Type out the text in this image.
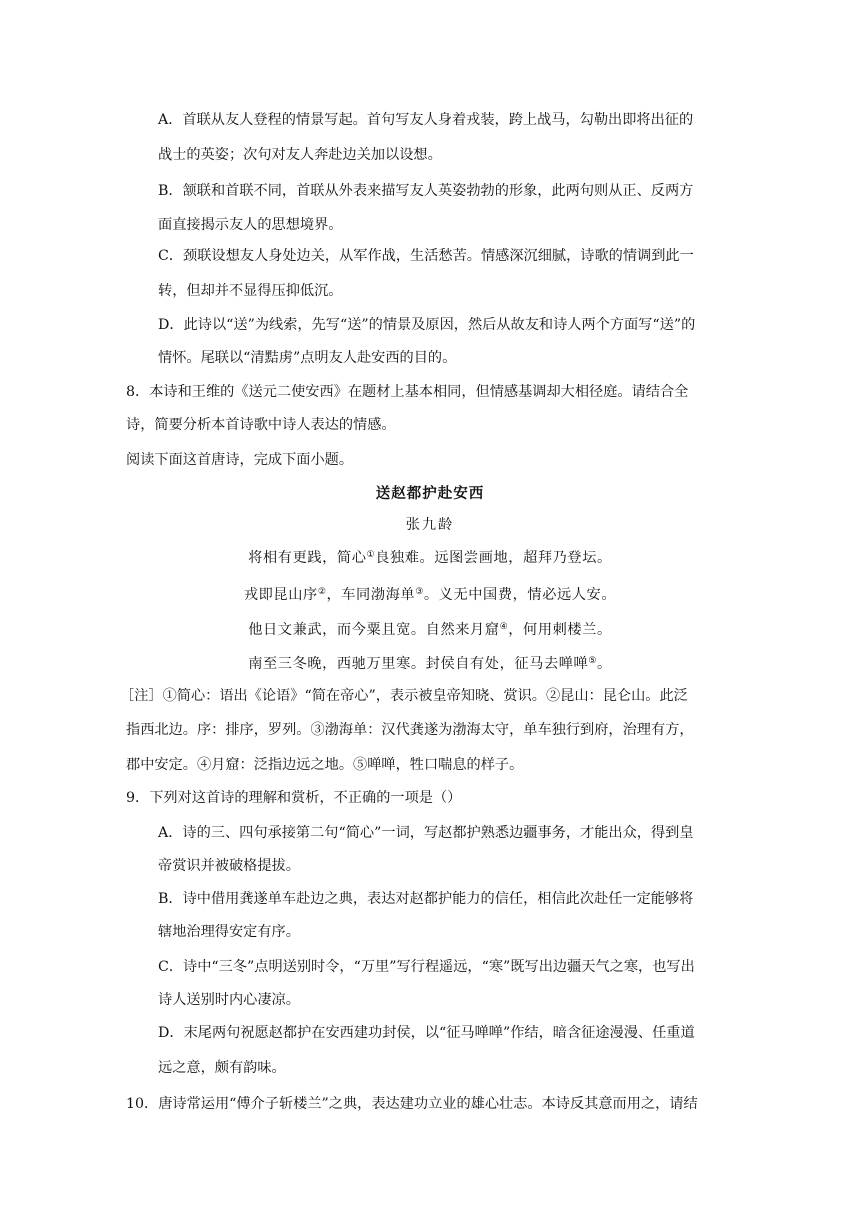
A．首联从友人登程的情景写起。首句写友人身着戎装，跨上战马，勾勒出即将出征的
战士的英姿；次句对友人奔赴边关加以设想。
B．颔联和首联不同，首联从外表来描写友人英姿勃勃的形象，此两句则从正、反两方
面直接揭示友人的思想境界。
C．颈联设想友人身处边关，从军作战，生活愁苦。情感深沉细腻，诗歌的情调到此一
转，但却并不显得压抑低沉。
D．此诗以“送”为线索，先写“送”的情景及原因，然后从故友和诗人两个方面写“送”的
情怀。尾联以“清黠虏”点明友人赴安西的目的。
8．本诗和王维的《送元二使安西》在题材上基本相同，但情感基调却大相径庭。请结合全
诗，简要分析本首诗歌中诗人表达的情感。
阅读下面这首唐诗，完成下面小题。
送赵都护赴安西
张九龄
将相有更践，简心①良独难。远图尝画地，超拜乃登坛。
戎即昆山序②，车同渤海单③。义无中国费，情必远人安。
他日文兼武，而今粟且宽。自然来月窟④，何用刺楼兰。
南至三冬晚，西驰万里寒。封侯自有处，征马去啴啴⑤。
［注］①简心：语出《论语》“简在帝心”，表示被皇帝知晓、赏识。②昆山：昆仑山。此泛
指西北边。序：排序，罗列。③渤海单：汉代龚遂为渤海太守，单车独行到府，治理有方，
郡中安定。④月窟：泛指边远之地。⑤啴啴，牲口喘息的样子。
9．下列对这首诗的理解和赏析，不正确的一项是（）
A．诗的三、四句承接第二句“简心”一词，写赵都护熟悉边疆事务，才能出众，得到皇
帝赏识并被破格提拔。
B．诗中借用龚遂单车赴边之典，表达对赵都护能力的信任，相信此次赴任一定能够将
辖地治理得安定有序。
C．诗中“三冬”点明送别时令，“万里”写行程遥远，“寒”既写出边疆天气之寒，也写出
诗人送别时内心凄凉。
D．末尾两句祝愿赵都护在安西建功封侯，以“征马啴啴”作结，暗含征途漫漫、任重道
远之意，颇有韵味。
10．唐诗常运用“傅介子斩楼兰”之典，表达建功立业的雄心壮志。本诗反其意而用之，请结
